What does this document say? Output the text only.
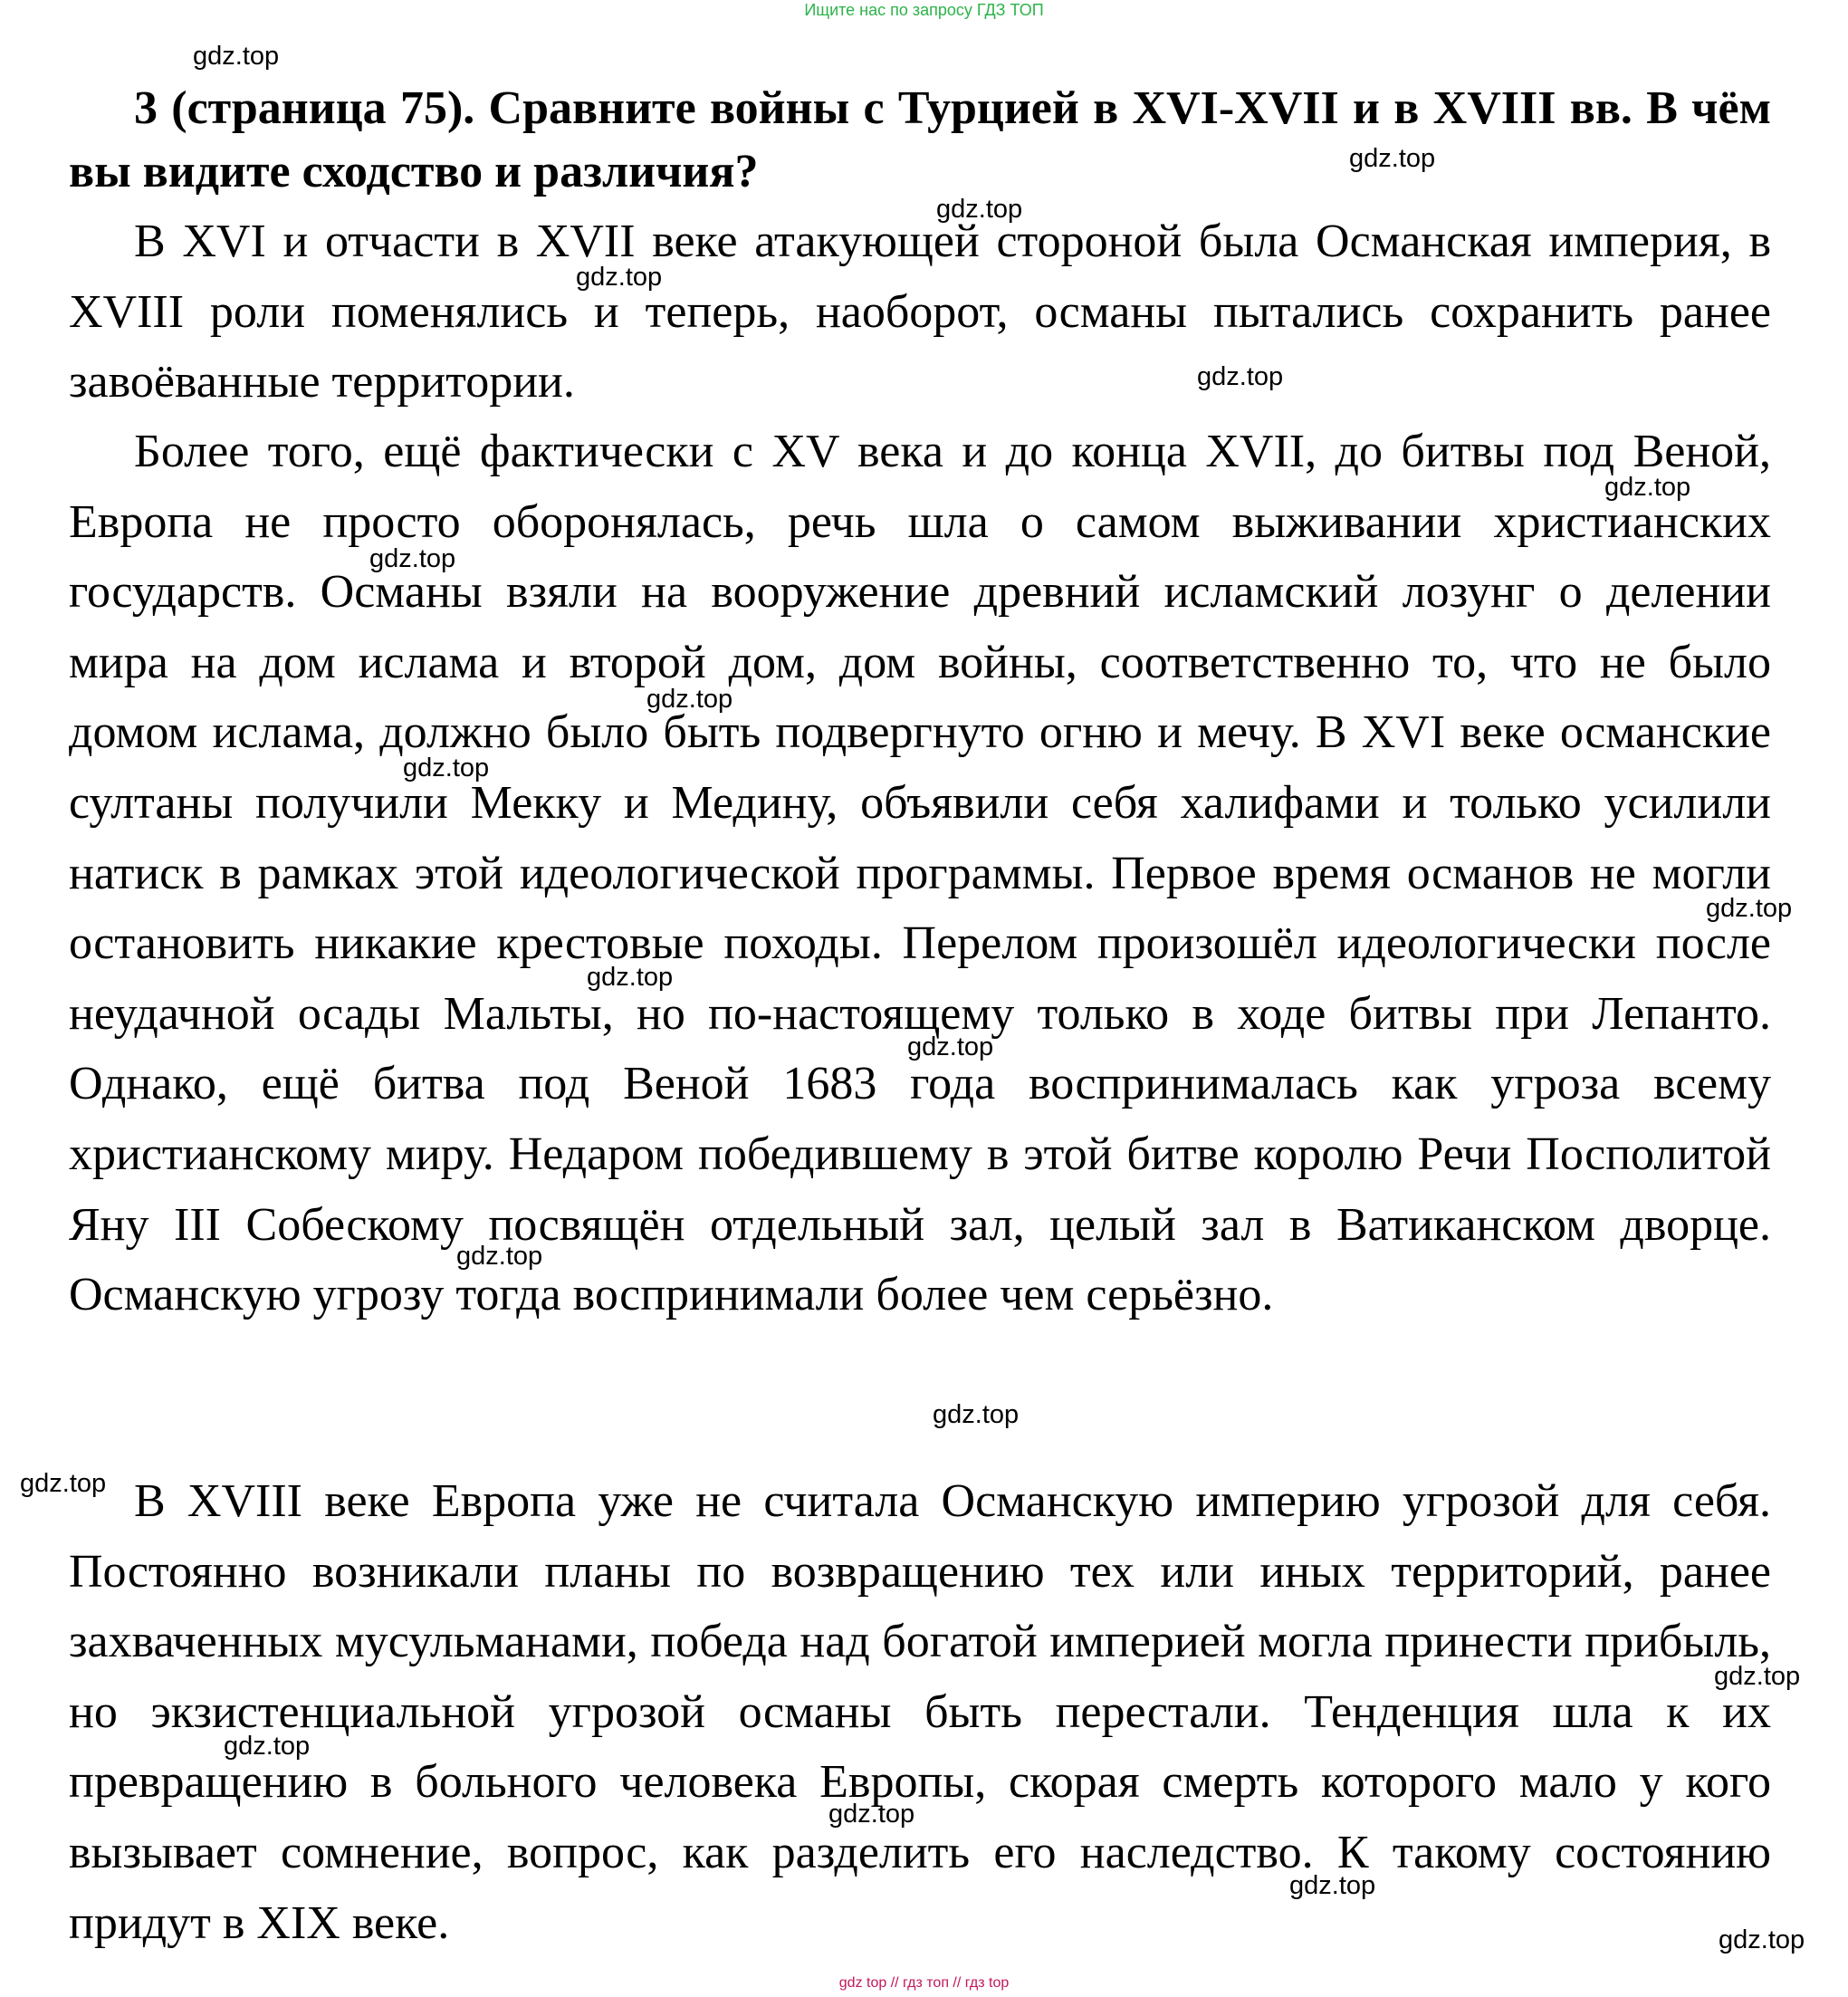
Ищите нас по запросу ГДЗ ТОП
3 (страница 75). Сравните войны с Турцией в XVI-XVII и в XVIII вв. В чём вы видите сходство и различия?
В XVI и отчасти в XVII веке атакующей стороной была Османская империя, в XVIII роли поменялись и теперь, наоборот, османы пытались сохранить ранее завоёванные территории.
Более того, ещё фактически с XV века и до конца XVII, до битвы под Веной, Европа не просто оборонялась, речь шла о самом выживании христианских государств. Османы взяли на вооружение древний исламский лозунг о делении мира на дом ислама и второй дом, дом войны, соответственно то, что не было домом ислама, должно было быть подвергнуто огню и мечу. В XVI веке османские султаны получили Мекку и Медину, объявили себя халифами и только усилили натиск в рамках этой идеологической программы. Первое время османов не могли остановить никакие крестовые походы. Перелом произошёл идеологически после неудачной осады Мальты, но по-настоящему только в ходе битвы при Лепанто. Однако, ещё битва под Веной 1683 года воспринималась как угроза всему христианскому миру. Недаром победившему в этой битве королю Речи Посполитой Яну III Собескому посвящён отдельный зал, целый зал в Ватиканском дворце. Османскую угрозу тогда воспринимали более чем серьёзно.
В XVIII веке Европа уже не считала Османскую империю угрозой для себя. Постоянно возникали планы по возвращению тех или иных территорий, ранее захваченных мусульманами, победа над богатой империей могла принести прибыль, но экзистенциальной угрозой османы быть перестали. Тенденция шла к их превращению в больного человека Европы, скорая смерть которого мало у кого вызывает сомнение, вопрос, как разделить его наследство. К такому состоянию придут в XIX веке.
gdz.top
gdz.top
gdz.top
gdz.top
gdz.top
gdz.top
gdz.top
gdz.top
gdz.top
gdz.top
gdz.top
gdz.top
gdz.top
gdz.top
gdz.top
gdz.top
gdz.top
gdz.top
gdz.top
gdz.top
gdz top // гдз топ // гдз top
